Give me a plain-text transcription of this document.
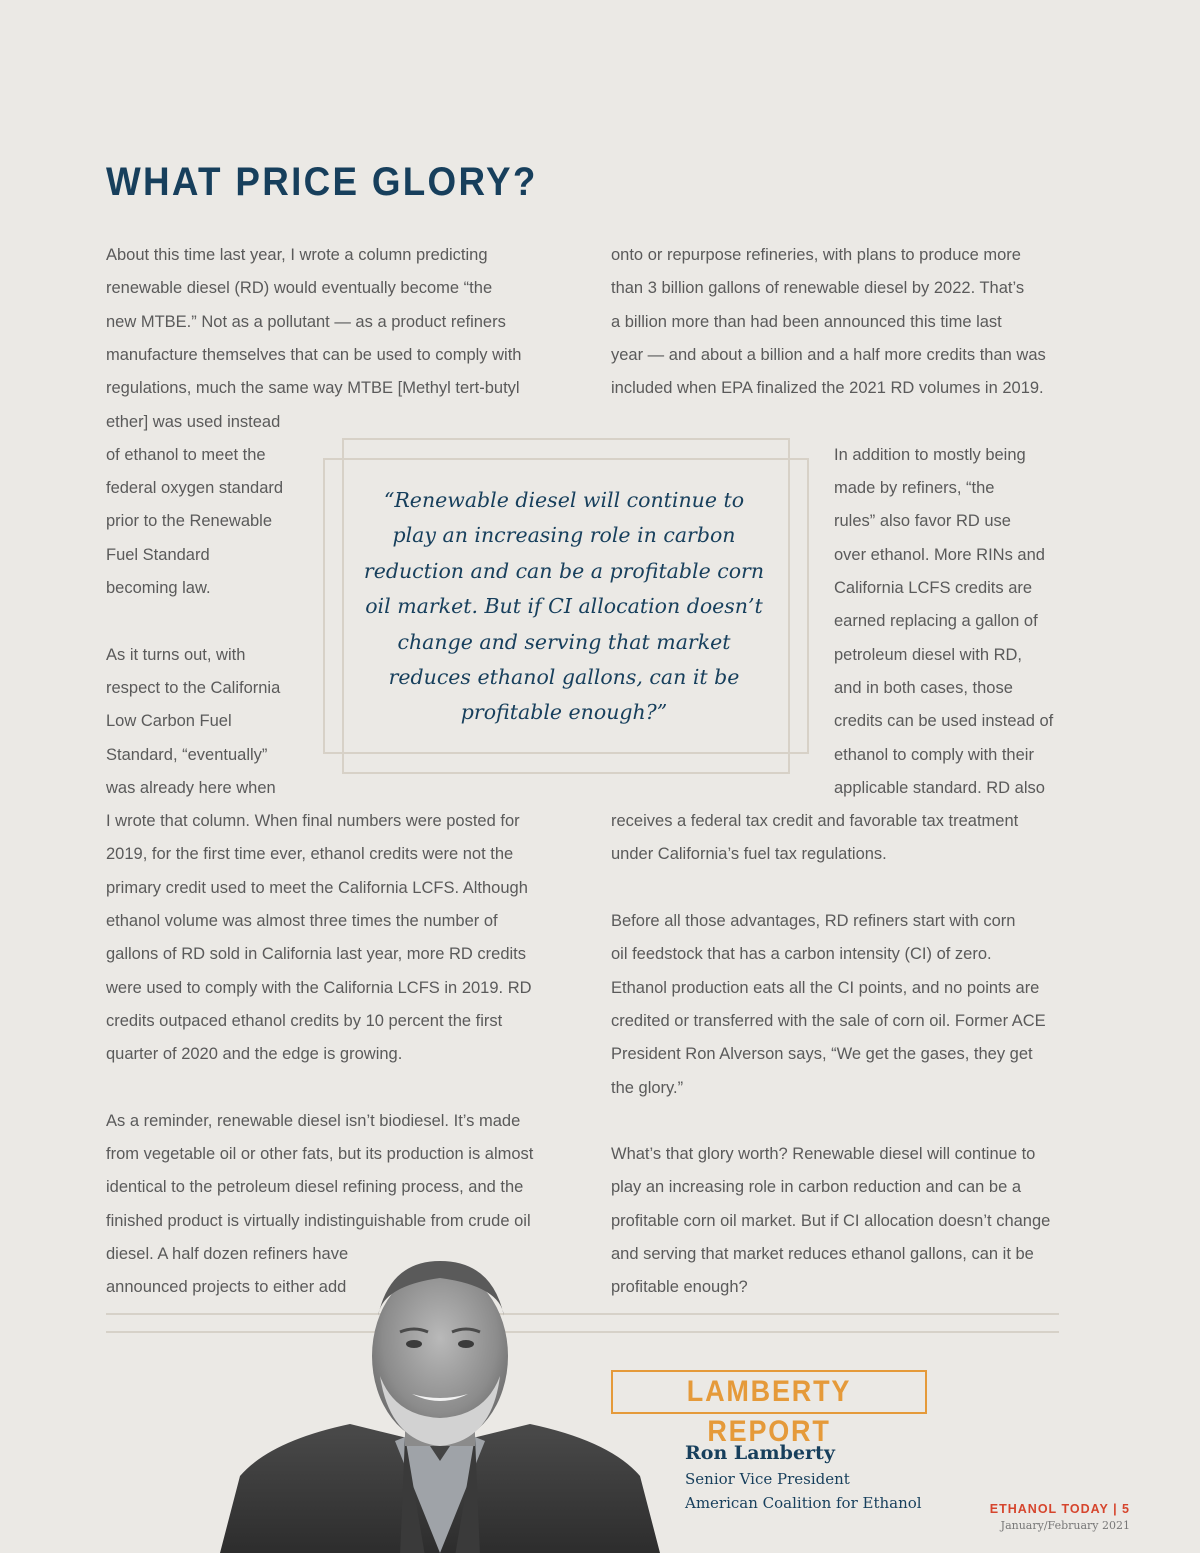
WHAT PRICE GLORY?
“Renewable diesel will continue to
play an increasing role in carbon
reduction and can be a profitable corn
oil market. But if CI allocation doesn’t
change and serving that market
reduces ethanol gallons, can it be
profitable enough?”
LAMBERTY REPORT
Ron Lamberty
Senior Vice President
American Coalition for Ethanol	ETHANOL TODAY | 5
January/February 2021
About this time last year, I wrote a column predicting
renewable diesel (RD) would eventually become “the
new MTBE.” Not as a pollutant — as a product refiners
manufacture themselves that can be used to comply with
regulations, much the same way MTBE [Methyl tert-butyl
ether] was used instead
of ethanol to meet the
federal oxygen standard
prior to the Renewable
Fuel Standard
becoming law.
As it turns out, with
respect to the California
Low Carbon Fuel
Standard, “eventually”
was already here when
I wrote that column. When final numbers were posted for
2019, for the first time ever, ethanol credits were not the
primary credit used to meet the California LCFS. Although
ethanol volume was almost three times the number of
gallons of RD sold in California last year, more RD credits
were used to comply with the California LCFS in 2019. RD
credits outpaced ethanol credits by 10 percent the first
quarter of 2020 and the edge is growing.
As a reminder, renewable diesel isn’t biodiesel. It’s made
from vegetable oil or other fats, but its production is almost
identical to the petroleum diesel refining process, and the
finished product is virtually indistinguishable from crude oil
diesel. A half dozen refiners have
announced projects to either add
onto or repurpose refineries, with plans to produce more
than 3 billion gallons of renewable diesel by 2022. That’s
a billion more than had been announced this time last
year — and about a billion and a half more credits than was
included when EPA finalized the 2021 RD volumes in 2019.
In addition to mostly being
made by refiners, “the
rules” also favor RD use
over ethanol. More RINs and
California LCFS credits are
earned replacing a gallon of
petroleum diesel with RD,
and in both cases, those
credits can be used instead of
ethanol to comply with their
applicable standard. RD also
receives a federal tax credit and favorable tax treatment
under California’s fuel tax regulations.
Before all those advantages, RD refiners start with corn
oil feedstock that has a carbon intensity (CI) of zero.
Ethanol production eats all the CI points, and no points are
credited or transferred with the sale of corn oil. Former ACE
President Ron Alverson says, “We get the gases, they get
the glory.”
What’s that glory worth? Renewable diesel will continue to
play an increasing role in carbon reduction and can be a
profitable corn oil market. But if CI allocation doesn’t change
and serving that market reduces ethanol gallons, can it be
profitable enough?
